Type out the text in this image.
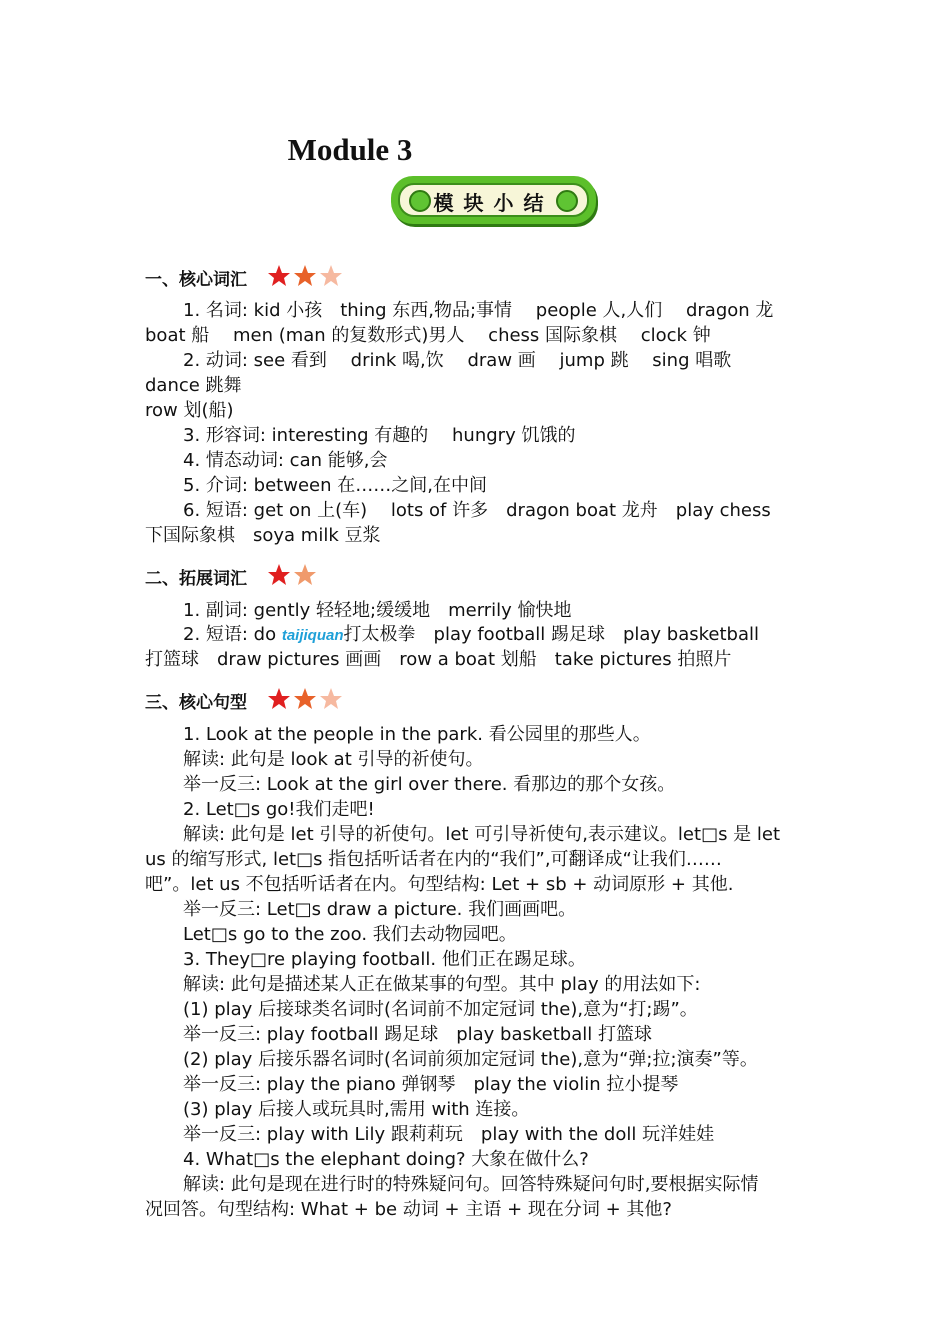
Module 3
模块小结
一、核心词汇
二、拓展词汇
三、核心句型
1. 名词: kid 小孩　thing 东西,物品;事情　 people 人,人们　 dragon 龙
boat 船　 men (man 的复数形式)男人　 chess 国际象棋　 clock 钟
2. 动词: see 看到　 drink 喝,饮　 draw 画　 jump 跳　 sing 唱歌
dance 跳舞
row 划(船)
3. 形容词: interesting 有趣的　 hungry 饥饿的
4. 情态动词: can 能够,会
5. 介词: between 在……之间,在中间
6. 短语: get on 上(车)　 lots of 许多　dragon boat 龙舟　play chess
下国际象棋　soya milk 豆浆
1. 副词: gently 轻轻地;缓缓地　merrily 愉快地
2. 短语: do taijiquan打太极拳　play football 踢足球　play basketball
打篮球　draw pictures 画画　row a boat 划船　take pictures 拍照片
1. Look at the people in the park. 看公园里的那些人。
解读: 此句是 look at 引导的祈使句。
举一反三: Look at the girl over there. 看那边的那个女孩。
2. Let□s go!我们走吧!
解读: 此句是 let 引导的祈使句。let 可引导祈使句,表示建议。let□s 是 let
us 的缩写形式, let□s 指包括听话者在内的“我们”,可翻译成“让我们……
吧”。let us 不包括听话者在内。句型结构: Let + sb + 动词原形 + 其他.
举一反三: Let□s draw a picture. 我们画画吧。
Let□s go to the zoo. 我们去动物园吧。
3. They□re playing football. 他们正在踢足球。
解读: 此句是描述某人正在做某事的句型。其中 play 的用法如下:
(1) play 后接球类名词时(名词前不加定冠词 the),意为“打;踢”。
举一反三: play football 踢足球　play basketball 打篮球
(2) play 后接乐器名词时(名词前须加定冠词 the),意为“弹;拉;演奏”等。
举一反三: play the piano 弹钢琴　play the violin 拉小提琴
(3) play 后接人或玩具时,需用 with 连接。
举一反三: play with Lily 跟莉莉玩　play with the doll 玩洋娃娃
4. What□s the elephant doing? 大象在做什么?
解读: 此句是现在进行时的特殊疑问句。回答特殊疑问句时,要根据实际情
况回答。句型结构: What + be 动词 + 主语 + 现在分词 + 其他?
